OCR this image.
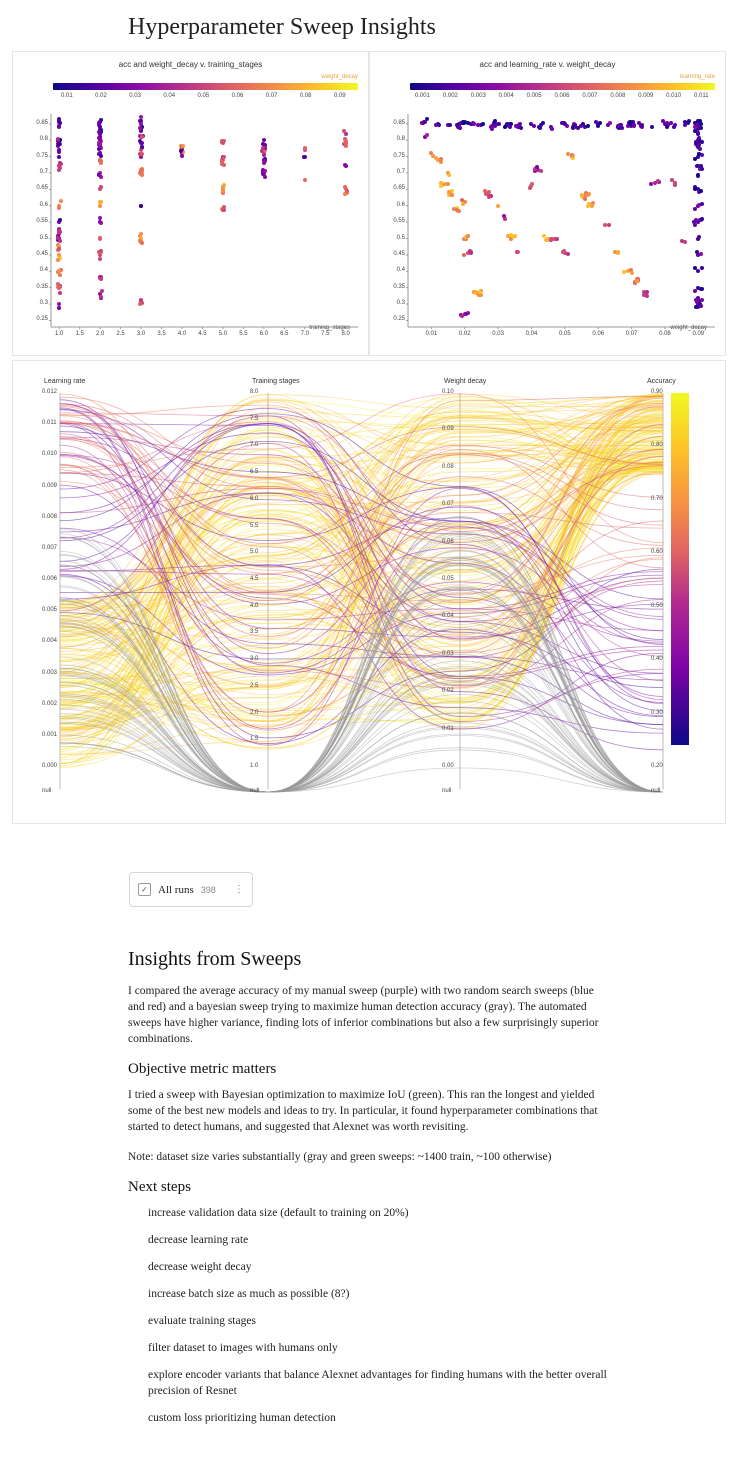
Hyperparameter Sweep Insights
acc and weight_decay v. training_stages
weight_decay
0.01	0.02	0.03	0.04	0.05	0.06	0.07	0.08	0.09
1.0	1.5	2.0	2.5	3.0	3.5	4.0	4.5	5.0	5.5	6.0	6.5	7.0	7.5	8.0
0.25
0.3
0.35
0.4
0.45
0.5
0.55
0.6
0.65
0.7
0.75
0.8
0.85
training_stages
acc and learning_rate v. weight_decay
learning_rate
0.001 0.002 0.003 0.004 0.005 0.006 0.007 0.008 0.009 0.010 0.011
0.01	0.02	0.03	0.04	0.05	0.06	0.07	0.08	0.09
0.25
0.3
0.35
0.4
0.45
0.5
0.55
0.6
0.65
0.7
0.75
0.8
0.85
weight_decay
Learning rate	Training stages	Weight decay	Accuracy
0.012
0.011
0.010
0.009
0.008
0.007
0.006
0.005
0.004
0.003
0.002
0.001
0.000
null
8.0
7.5
7.0
6.5
6.0
5.5
5.0
4.5
4.0
3.5
3.0
2.5
2.0
1.5
1.0
null
0.10
0.09
0.08
0.07
0.06
0.05
0.04
0.03
0.02
0.01
0.00
null
0.90
0.80
0.70
0.60
0.50
0.40
0.30
0.20
null
✓ All runs 398 ⋮
Insights from Sweeps

I compared the average accuracy of my manual sweep (purple) with two random search sweeps (blue and red) and a bayesian sweep trying to maximize human detection accuracy (gray). The automated sweeps have higher variance, finding lots of inferior combinations but also a few surprisingly superior combinations.

Objective metric matters

I tried a sweep with Bayesian optimization to maximize IoU (green). This ran the longest and yielded some of the best new models and ideas to try. In particular, it found hyperparameter combinations that started to detect humans, and suggested that Alexnet was worth revisiting.

Note: dataset size varies substantially (gray and green sweeps: ~1400 train, ~100 otherwise)

Next steps
increase validation data size (default to training on 20%)
decrease learning rate
decrease weight decay
increase batch size as much as possible (8?)
evaluate training stages
filter dataset to images with humans only
explore encoder variants that balance Alexnet advantages for finding humans with the better overall precision of Resnet
custom loss prioritizing human detection
